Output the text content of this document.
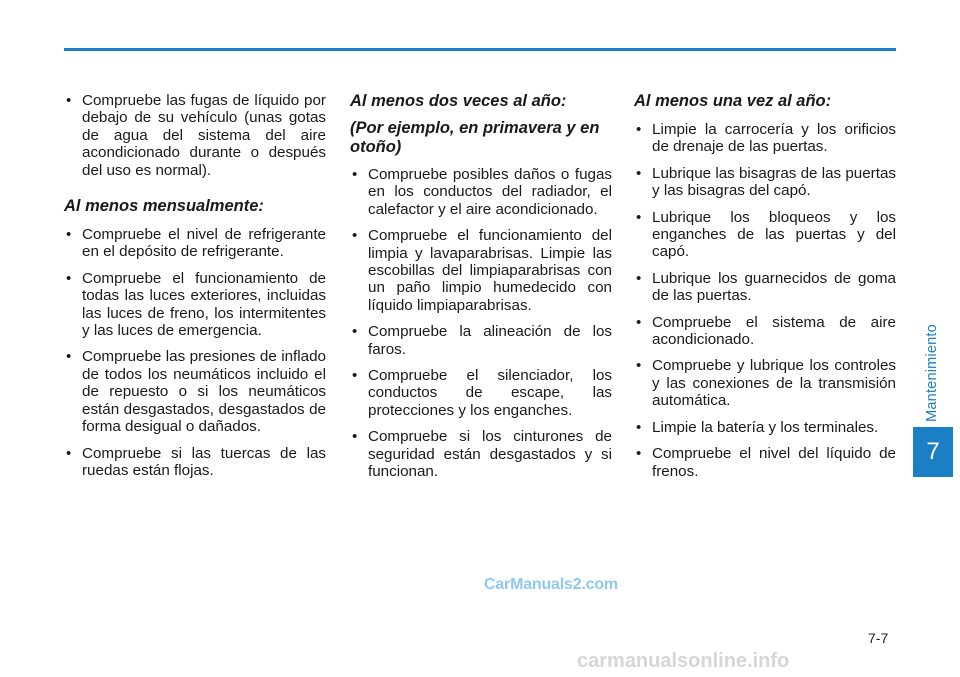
• Compruebe las fugas de líquido por debajo de su vehículo (unas gotas de agua del sistema del aire acondicionado durante o después del uso es normal).
Al menos mensualmente:
• Compruebe el nivel de refrigerante en el depósito de refrigerante.
• Compruebe el funcionamiento de todas las luces exteriores, incluidas las luces de freno, los intermitentes y las luces de emergencia.
• Compruebe las presiones de inflado de todos los neumáticos incluido el de repuesto o si los neumáticos están desgastados, desgastados de forma desigual o dañados.
• Compruebe si las tuercas de las ruedas están flojas.
Al menos dos veces al año:
(Por ejemplo, en primavera y en otoño)
• Compruebe posibles daños o fugas en los conductos del radiador, el calefactor y el aire acondicionado.
• Compruebe el funcionamiento del limpia y lavaparabrisas. Limpie las escobillas del limpiaparabrisas con un paño limpio humedecido con líquido limpiaparabrisas.
• Compruebe la alineación de los faros.
• Compruebe el silenciador, los conductos de escape, las protecciones y los enganches.
• Compruebe si los cinturones de seguridad están desgastados y si funcionan.
Al menos una vez al año:
• Limpie la carrocería y los orificios de drenaje de las puertas.
• Lubrique las bisagras de las puertas y las bisagras del capó.
• Lubrique los bloqueos y los enganches de las puertas y del capó.
• Lubrique los guarnecidos de goma de las puertas.
• Compruebe el sistema de aire acondicionado.
• Compruebe y lubrique los controles y las conexiones de la transmisión automática.
• Limpie la batería y los terminales.
• Compruebe el nivel del líquido de frenos.
Mantenimiento
7
CarManuals2.com
7-7
carmanualsonline.info
